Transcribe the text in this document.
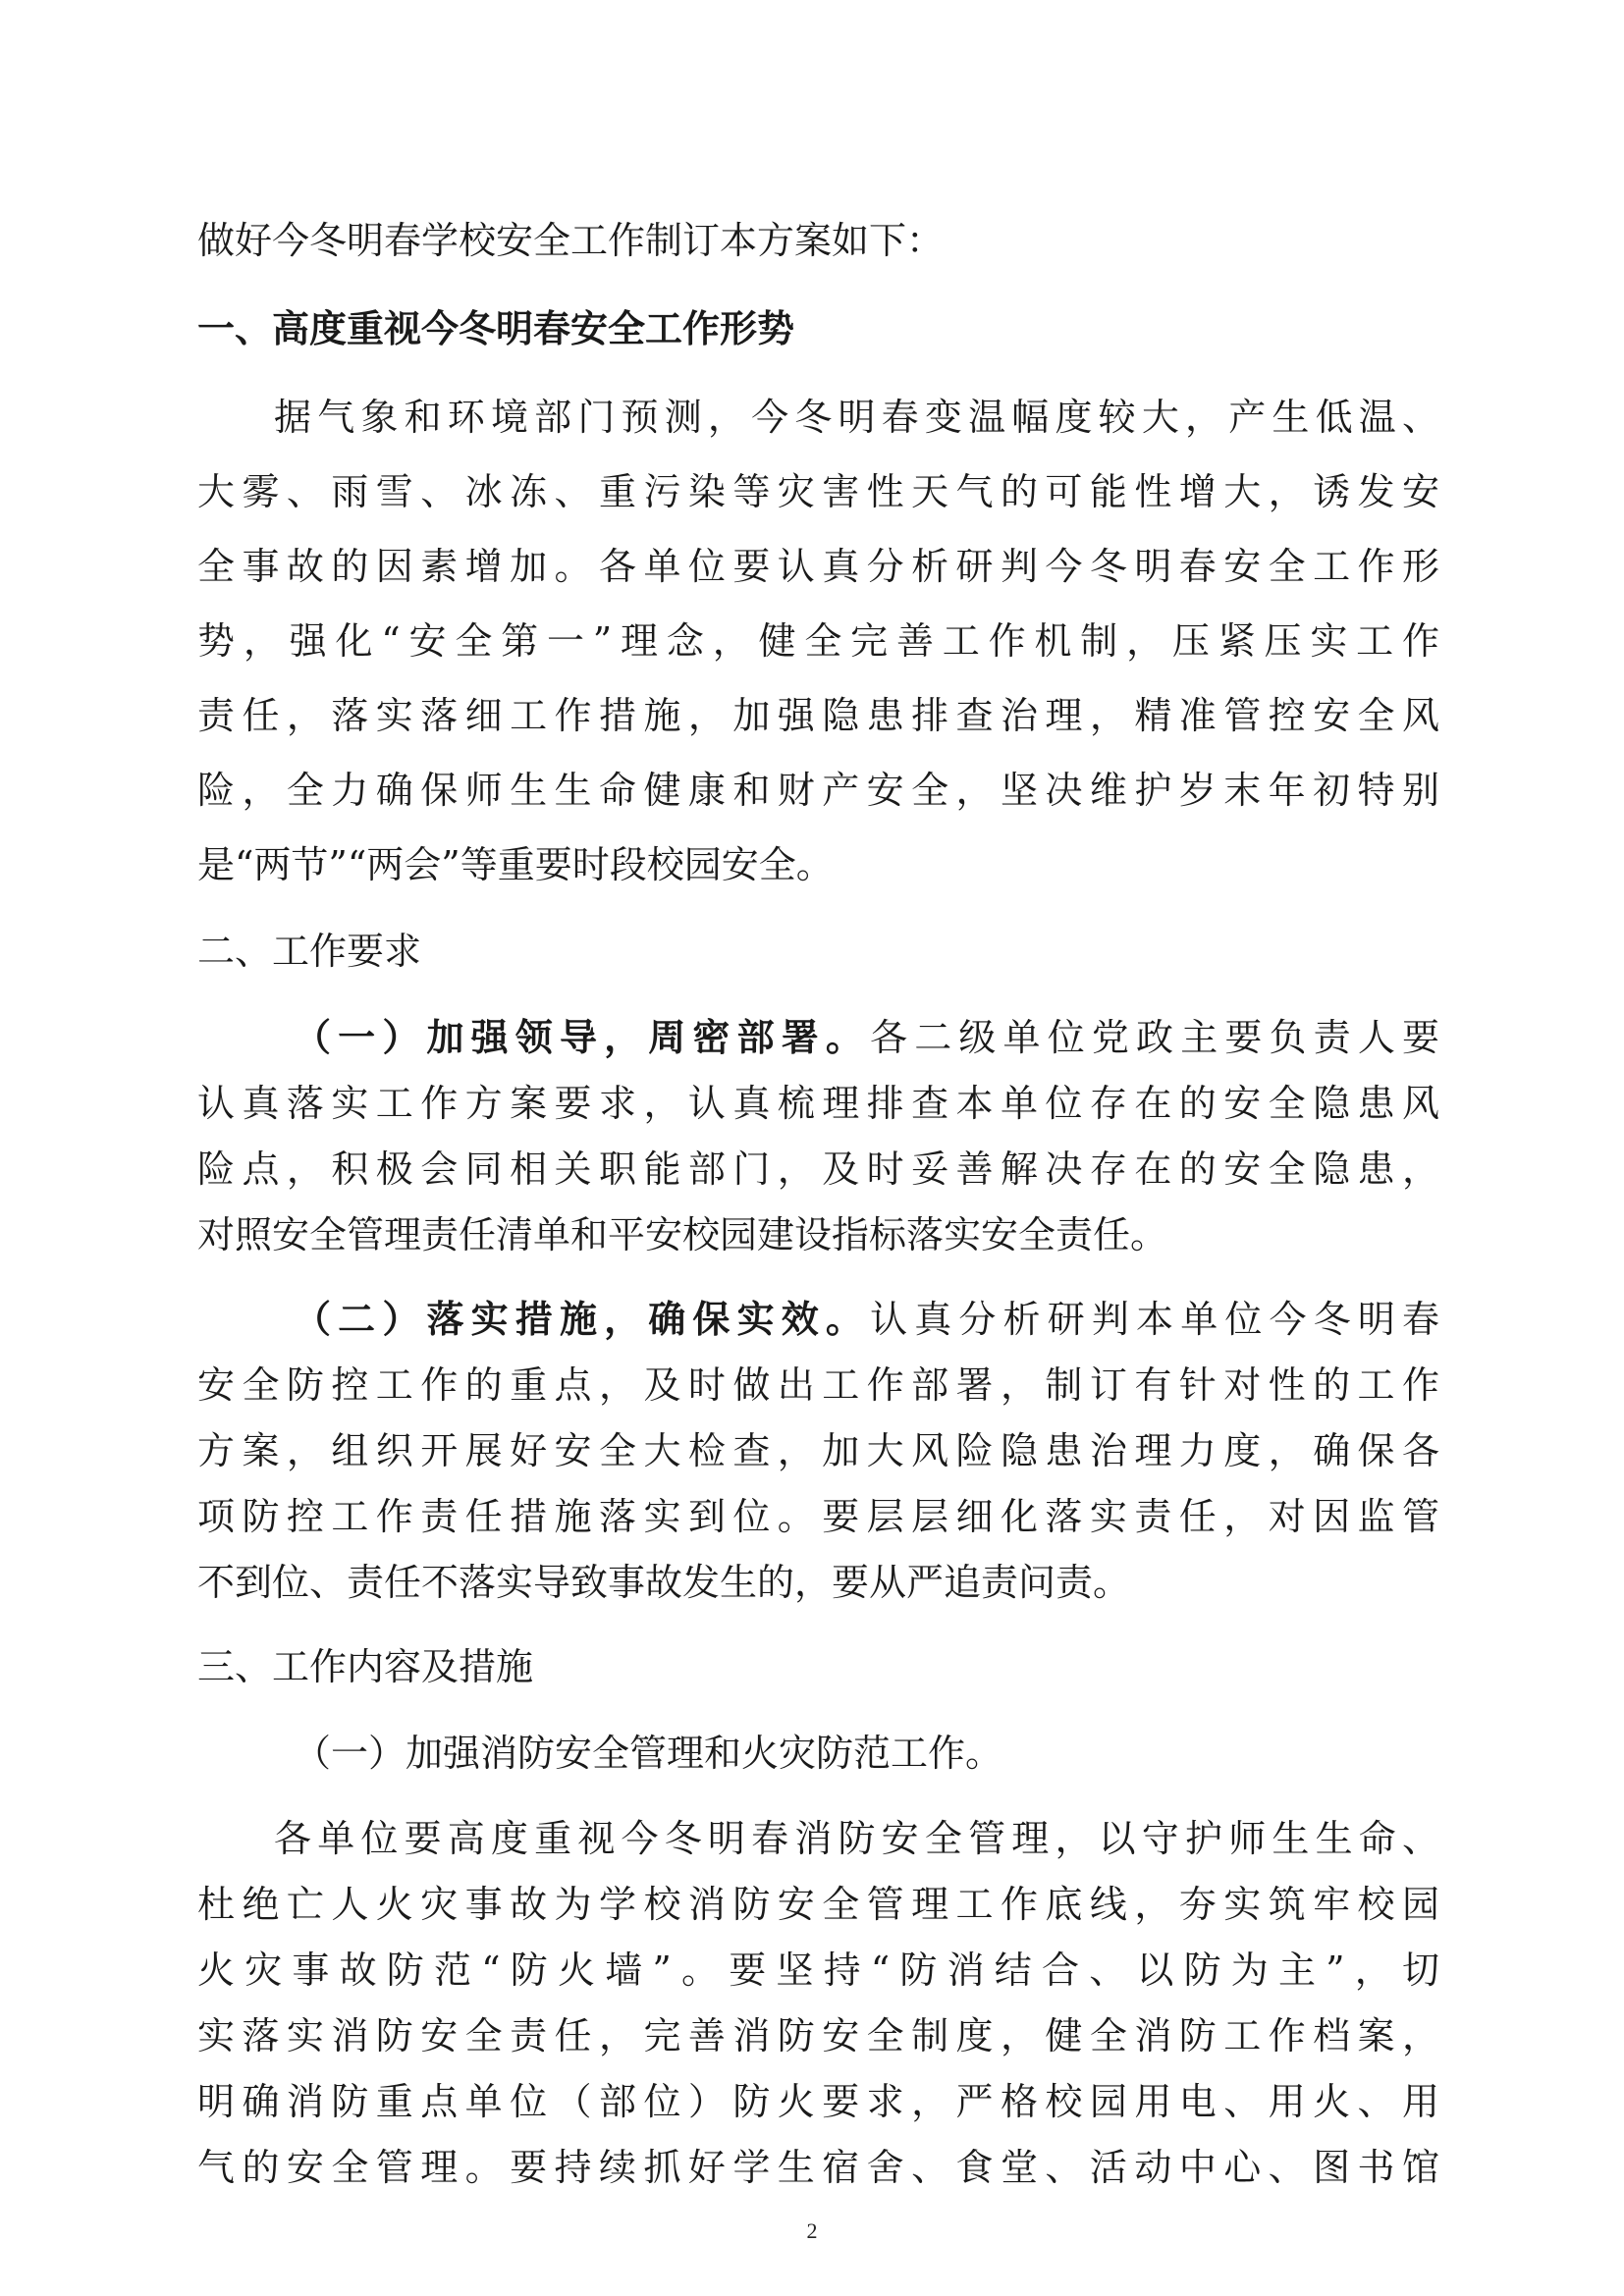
做好今冬明春学校安全工作制订本方案如下：
一、高度重视今冬明春安全工作形势
据气象和环境部门预测，今冬明春变温幅度较大，产生低温、
大雾、雨雪、冰冻、重污染等灾害性天气的可能性增大，诱发安
全事故的因素增加。各单位要认真分析研判今冬明春安全工作形
势，强化“安全第一”理念，健全完善工作机制，压紧压实工作
责任，落实落细工作措施，加强隐患排查治理，精准管控安全风
险，全力确保师生生命健康和财产安全，坚决维护岁末年初特别
是“两节”“两会”等重要时段校园安全。
二、工作要求
（一）加强领导，周密部署。各二级单位党政主要负责人要
认真落实工作方案要求，认真梳理排查本单位存在的安全隐患风
险点，积极会同相关职能部门，及时妥善解决存在的安全隐患，
对照安全管理责任清单和平安校园建设指标落实安全责任。
（二）落实措施，确保实效。认真分析研判本单位今冬明春
安全防控工作的重点，及时做出工作部署，制订有针对性的工作
方案，组织开展好安全大检查，加大风险隐患治理力度，确保各
项防控工作责任措施落实到位。要层层细化落实责任，对因监管
不到位、责任不落实导致事故发生的，要从严追责问责。
三、工作内容及措施
（一）加强消防安全管理和火灾防范工作。
各单位要高度重视今冬明春消防安全管理，以守护师生生命、
杜绝亡人火灾事故为学校消防安全管理工作底线，夯实筑牢校园
火灾事故防范“防火墙”。要坚持“防消结合、以防为主”，切
实落实消防安全责任，完善消防安全制度，健全消防工作档案，
明确消防重点单位（部位）防火要求，严格校园用电、用火、用
气的安全管理。要持续抓好学生宿舍、食堂、活动中心、图书馆
2
